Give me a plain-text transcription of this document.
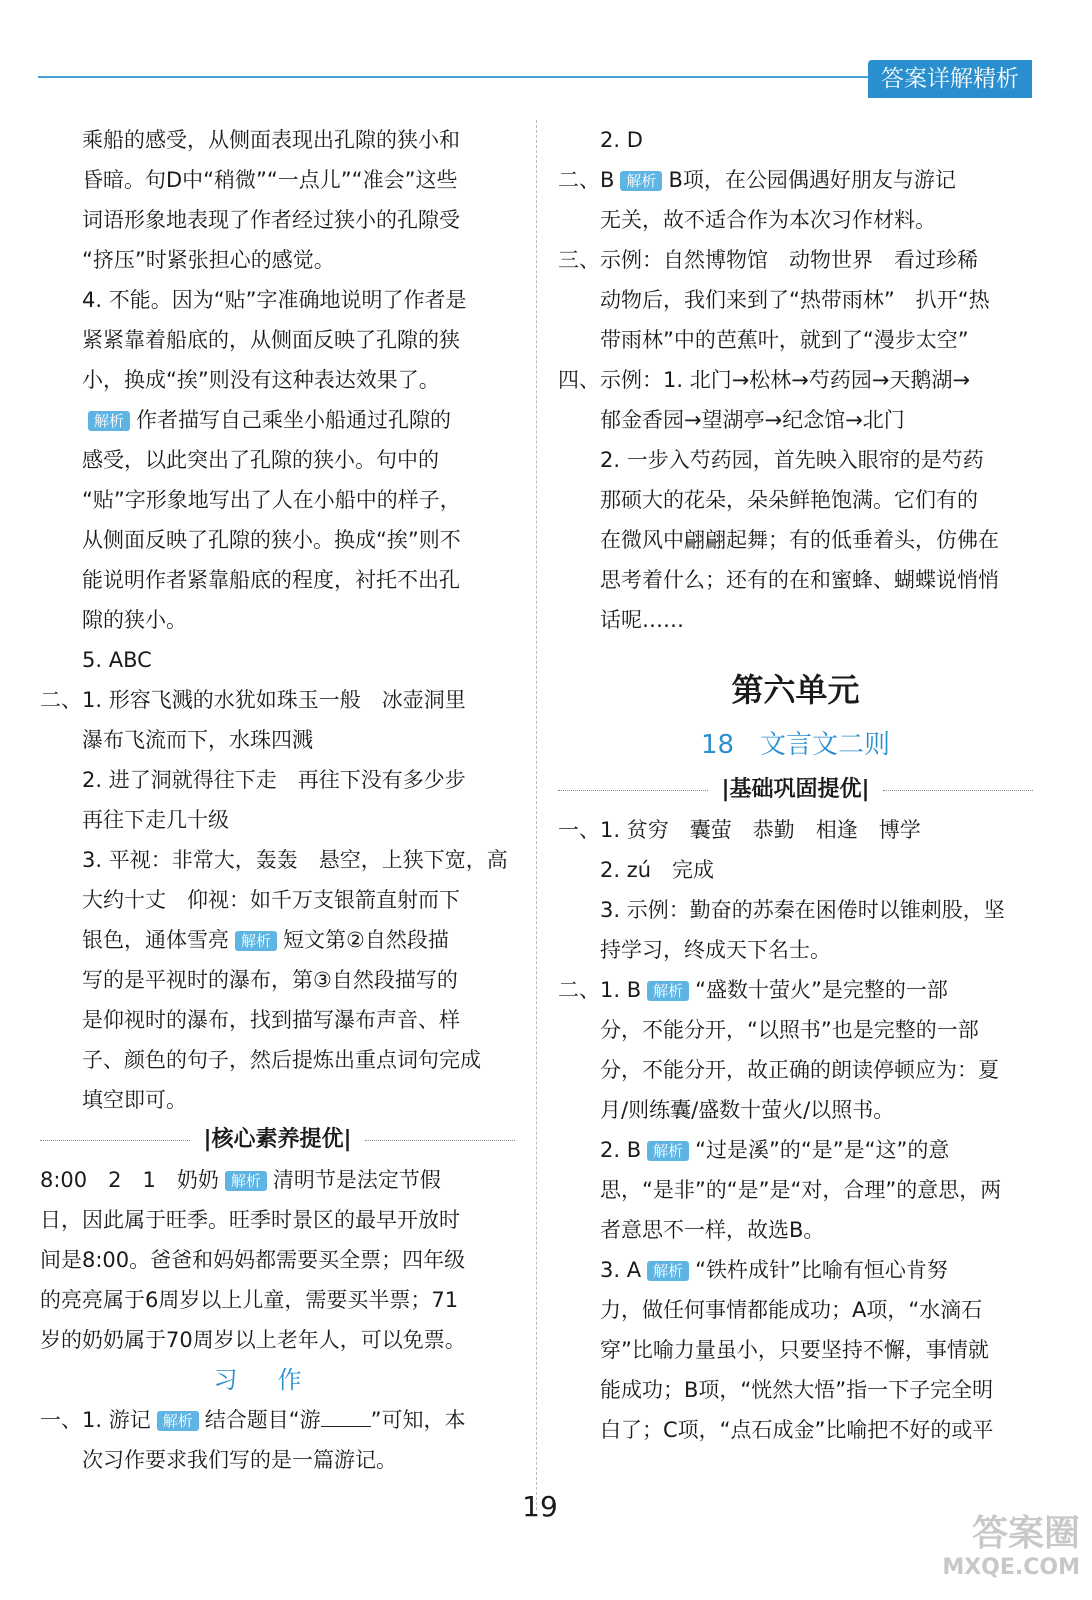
答案详解精析
乘船的感受，从侧面表现出孔隙的狭小和
昏暗。句D中“稍微”“一点儿”“准会”这些
词语形象地表现了作者经过狭小的孔隙受
“挤压”时紧张担心的感觉。
4. 不能。因为“贴”字准确地说明了作者是
紧紧靠着船底的，从侧面反映了孔隙的狭
小，换成“挨”则没有这种表达效果了。
解析 作者描写自己乘坐小船通过孔隙的
感受，以此突出了孔隙的狭小。句中的
“贴”字形象地写出了人在小船中的样子，
从侧面反映了孔隙的狭小。换成“挨”则不
能说明作者紧靠船底的程度，衬托不出孔
隙的狭小。
5. ABC
二、1. 形容飞溅的水犹如珠玉一般　冰壶洞里
瀑布飞流而下，水珠四溅
2. 进了洞就得往下走　再往下没有多少步
再往下走几十级
3. 平视：非常大，轰轰　悬空，上狭下宽，高
大约十丈　仰视：如千万支银箭直射而下
银色，通体雪亮 解析 短文第②自然段描
写的是平视时的瀑布，第③自然段描写的
是仰视时的瀑布，找到描写瀑布声音、样
子、颜色的句子，然后提炼出重点词句完成
填空即可。
|核心素养提优|
8:00　2　1　奶奶 解析 清明节是法定节假
日，因此属于旺季。旺季时景区的最早开放时
间是8:00。爸爸和妈妈都需要买全票；四年级
的亮亮属于6周岁以上儿童，需要买半票；71
岁的奶奶属于70周岁以上老年人，可以免票。
习作
一、1. 游记 解析 结合题目“游 ”可知，本
次习作要求我们写的是一篇游记。
2. D
二、B 解析 B项，在公园偶遇好朋友与游记
无关，故不适合作为本次习作材料。
三、示例：自然博物馆　动物世界　看过珍稀
动物后，我们来到了“热带雨林”　扒开“热
带雨林”中的芭蕉叶，就到了“漫步太空”
四、示例：1. 北门→松林→芍药园→天鹅湖→
郁金香园→望湖亭→纪念馆→北门
2. 一步入芍药园，首先映入眼帘的是芍药
那硕大的花朵，朵朵鲜艳饱满。它们有的
在微风中翩翩起舞；有的低垂着头，仿佛在
思考着什么；还有的在和蜜蜂、蝴蝶说悄悄
话呢……
第六单元
18　文言文二则
|基础巩固提优|
一、1. 贫穷　囊萤　恭勤　相逢　博学
2. zú　完成
3. 示例：勤奋的苏秦在困倦时以锥刺股，坚
持学习，终成天下名士。
二、1. B 解析 “盛数十萤火”是完整的一部
分，不能分开，“以照书”也是完整的一部
分，不能分开，故正确的朗读停顿应为：夏
月/则练囊/盛数十萤火/以照书。
2. B 解析 “过是溪”的“是”是“这”的意
思，“是非”的“是”是“对，合理”的意思，两
者意思不一样，故选B。
3. A 解析 “铁杵成针”比喻有恒心肯努
力，做任何事情都能成功；A项，“水滴石
穿”比喻力量虽小，只要坚持不懈，事情就
能成功；B项，“恍然大悟”指一下子完全明
白了；C项，“点石成金”比喻把不好的或平
19
答案圈
MXQE.COM
